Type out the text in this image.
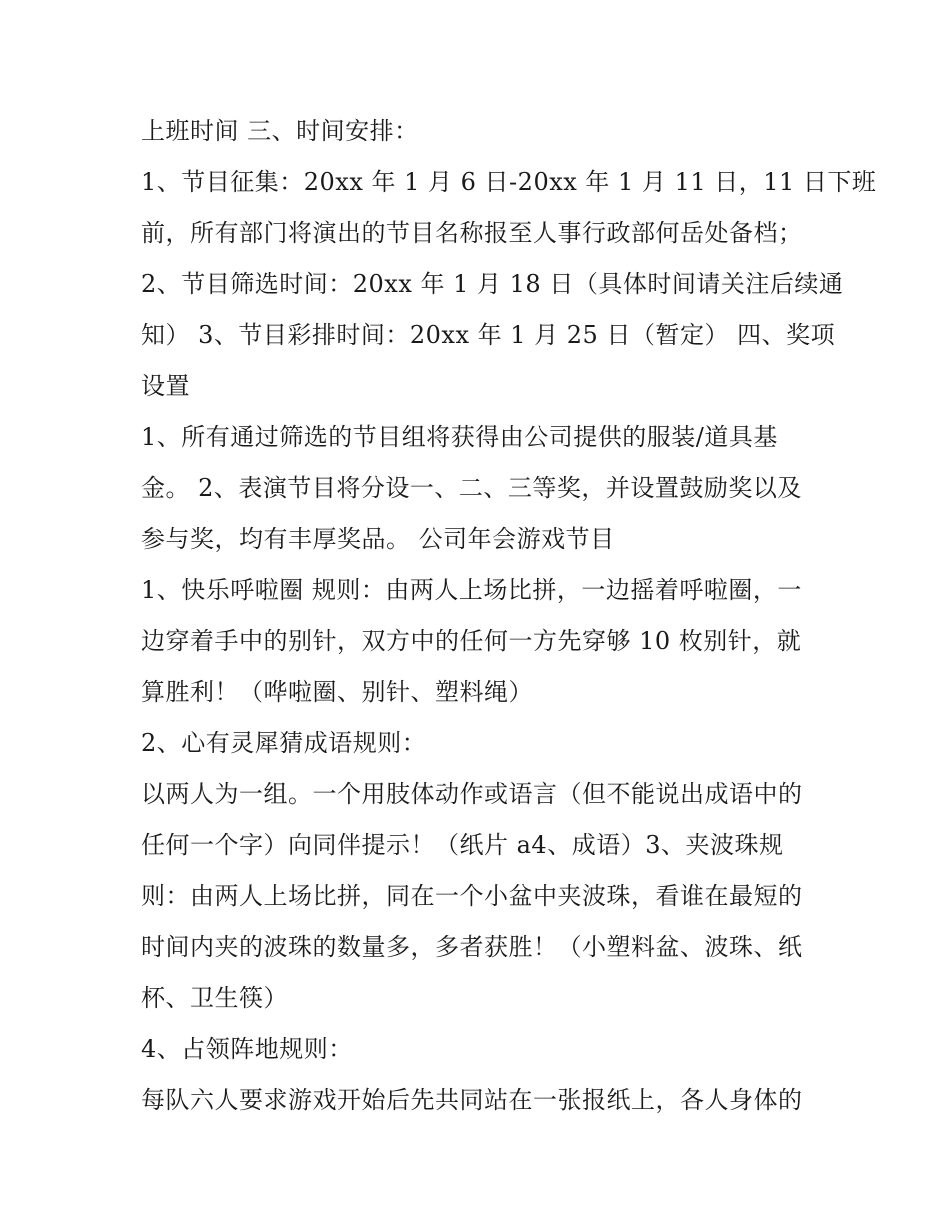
上班时间 三、时间安排：
1、节目征集：20xx 年 1 月 6 日-20xx 年 1 月 11 日，11 日下班
前，所有部门将演出的节目名称报至人事行政部何岳处备档；
2、节目筛选时间：20xx 年 1 月 18 日（具体时间请关注后续通
知） 3、节目彩排时间：20xx 年 1 月 25 日（暂定） 四、奖项
设置
1、所有通过筛选的节目组将获得由公司提供的服装/道具基
金。 2、表演节目将分设一、二、三等奖，并设置鼓励奖以及
参与奖，均有丰厚奖品。 公司年会游戏节目
1、快乐呼啦圈 规则：由两人上场比拼，一边摇着呼啦圈，一
边穿着手中的别针，双方中的任何一方先穿够 10 枚别针，就
算胜利！（哗啦圈、别针、塑料绳）
2、心有灵犀猜成语规则：
以两人为一组。一个用肢体动作或语言（但不能说出成语中的
任何一个字）向同伴提示！（纸片 a4、成语）3、夹波珠规
则：由两人上场比拼，同在一个小盆中夹波珠，看谁在最短的
时间内夹的波珠的数量多，多者获胜！（小塑料盆、波珠、纸
杯、卫生筷）
4、占领阵地规则：
每队六人要求游戏开始后先共同站在一张报纸上，各人身体的
